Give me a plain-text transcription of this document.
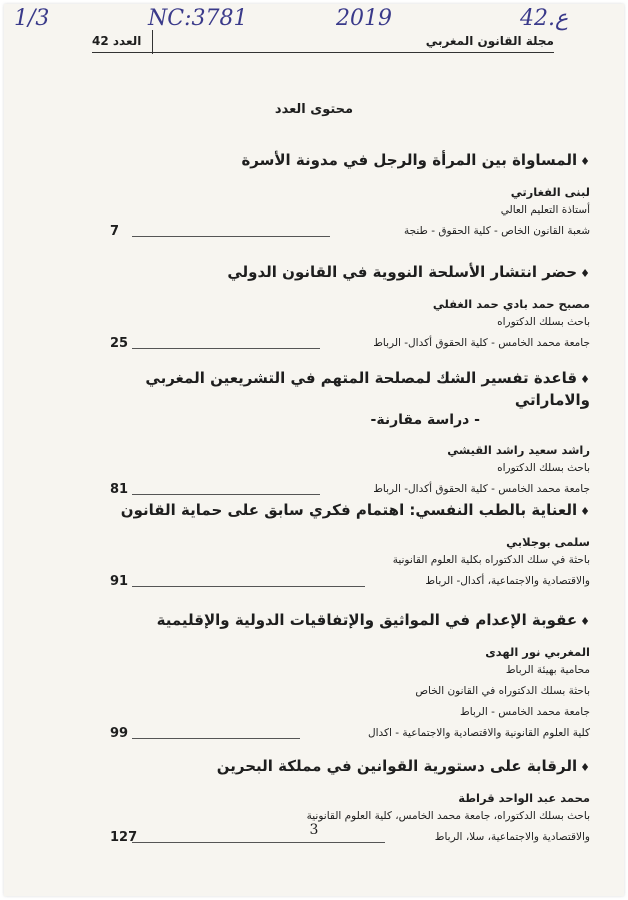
1/3	NC:3781	2019	42.ع
مجلة القانون المغربي
العدد 42
محتوى العدد
♦المساواة بين المرأة والرجل في مدونة الأسرة
لبنى الفغارتي
أستاذة التعليم العالي
شعبة القانون الخاص - كلية الحقوق - طنجة
7
♦حضر انتشار الأسلحة النووية في القانون الدولي
مصبح حمد بادي حمد الغفلي
باحث بسلك الدكتوراه
جامعة محمد الخامس - كلية الحقوق أكدال- الرباط
25
♦قاعدة تفسير الشك لمصلحة المتهم في التشريعين المغربي والاماراتي
- دراسة مقارنة-
راشد سعيد راشد القيشي
باحث بسلك الدكتوراه
جامعة محمد الخامس - كلية الحقوق أكدال- الرباط
81
♦العناية بالطب النفسي: اهتمام فكري سابق على حماية القانون
سلمى بوجلابي
باحثة في سلك الدكتوراه بكلية العلوم القانونية
والاقتصادية والاجتماعية، أكدال- الرباط
91
♦عقوبة الإعدام في المواثيق والإتفاقيات الدولية والإقليمية
المغربي نور الهدى
محامية بهيئة الرباط
باحثة بسلك الدكتوراه في القانون الخاص
جامعة محمد الخامس - الرباط
كلية العلوم القانونية والاقتصادية والاجتماعية - اكدال
99
♦الرقابة على دستورية القوانين في مملكة البحرين
محمد عبد الواحد قراطة
باحث بسلك الدكتوراه، جامعة محمد الخامس، كلية العلوم القانونية
والاقتصادية والاجتماعية، سلا، الرباط
127	3
